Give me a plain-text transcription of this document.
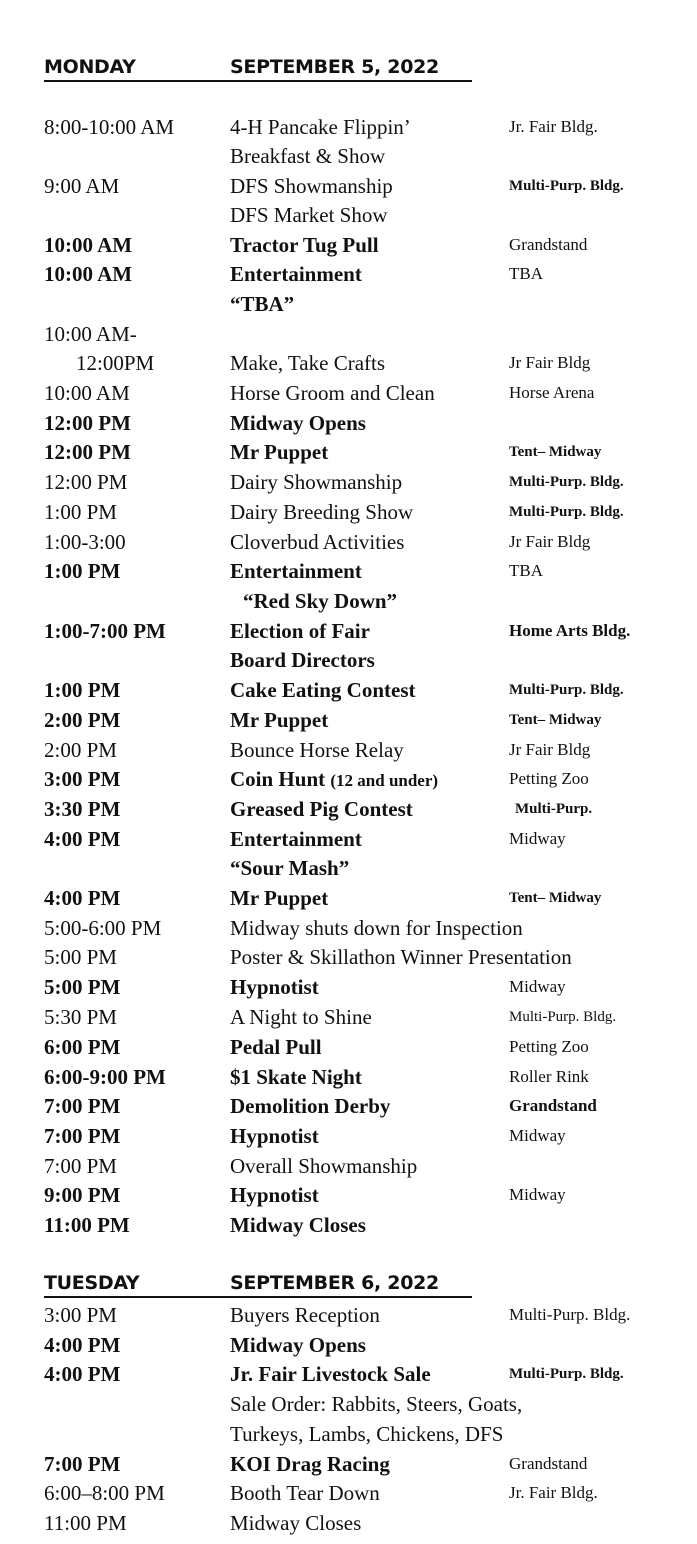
MONDAY	SEPTEMBER 5, 2022
8:00-10:00 AM	4-H Pancake Flippin’	Jr. Fair Bldg.
Breakfast & Show
9:00 AM	DFS Showmanship	Multi-Purp. Bldg.
DFS Market Show
10:00 AM	Tractor Tug Pull	Grandstand
10:00 AM	Entertainment	TBA
“TBA”
10:00 AM-
12:00PM	Make, Take Crafts	Jr Fair Bldg
10:00 AM	Horse Groom and Clean	Horse Arena
12:00 PM	Midway Opens
12:00 PM	Mr Puppet	Tent– Midway
12:00 PM	Dairy Showmanship	Multi-Purp. Bldg.
1:00 PM	Dairy Breeding Show	Multi-Purp. Bldg.
1:00-3:00	Cloverbud Activities	Jr Fair Bldg
1:00 PM	Entertainment	TBA
“Red Sky Down”
1:00-7:00 PM	Election of Fair	Home Arts Bldg.
Board Directors
1:00 PM	Cake Eating Contest	Multi-Purp. Bldg.
2:00 PM	Mr Puppet	Tent– Midway
2:00 PM	Bounce Horse Relay	Jr Fair Bldg
3:00 PM	Coin Hunt (12 and under)	Petting Zoo
3:30 PM	Greased Pig Contest	Multi-Purp.
4:00 PM	Entertainment	Midway
“Sour Mash”
4:00 PM	Mr Puppet	Tent– Midway
5:00-6:00 PM	Midway shuts down for Inspection
5:00 PM	Poster & Skillathon Winner Presentation
5:00 PM	Hypnotist	Midway
5:30 PM	A Night to Shine	Multi-Purp. Bldg.
6:00 PM	Pedal Pull	Petting Zoo
6:00-9:00 PM	$1 Skate Night	Roller Rink
7:00 PM	Demolition Derby	Grandstand
7:00 PM	Hypnotist	Midway
7:00 PM	Overall Showmanship
9:00 PM	Hypnotist	Midway
11:00 PM	Midway Closes
TUESDAY	SEPTEMBER 6, 2022
3:00 PM	Buyers Reception	Multi-Purp. Bldg.
4:00 PM	Midway Opens
4:00 PM	Jr. Fair Livestock Sale	Multi-Purp. Bldg.
Sale Order: Rabbits, Steers, Goats,
Turkeys, Lambs, Chickens, DFS
7:00 PM	KOI Drag Racing	Grandstand
6:00–8:00 PM	Booth Tear Down	Jr. Fair Bldg.
11:00 PM	Midway Closes
